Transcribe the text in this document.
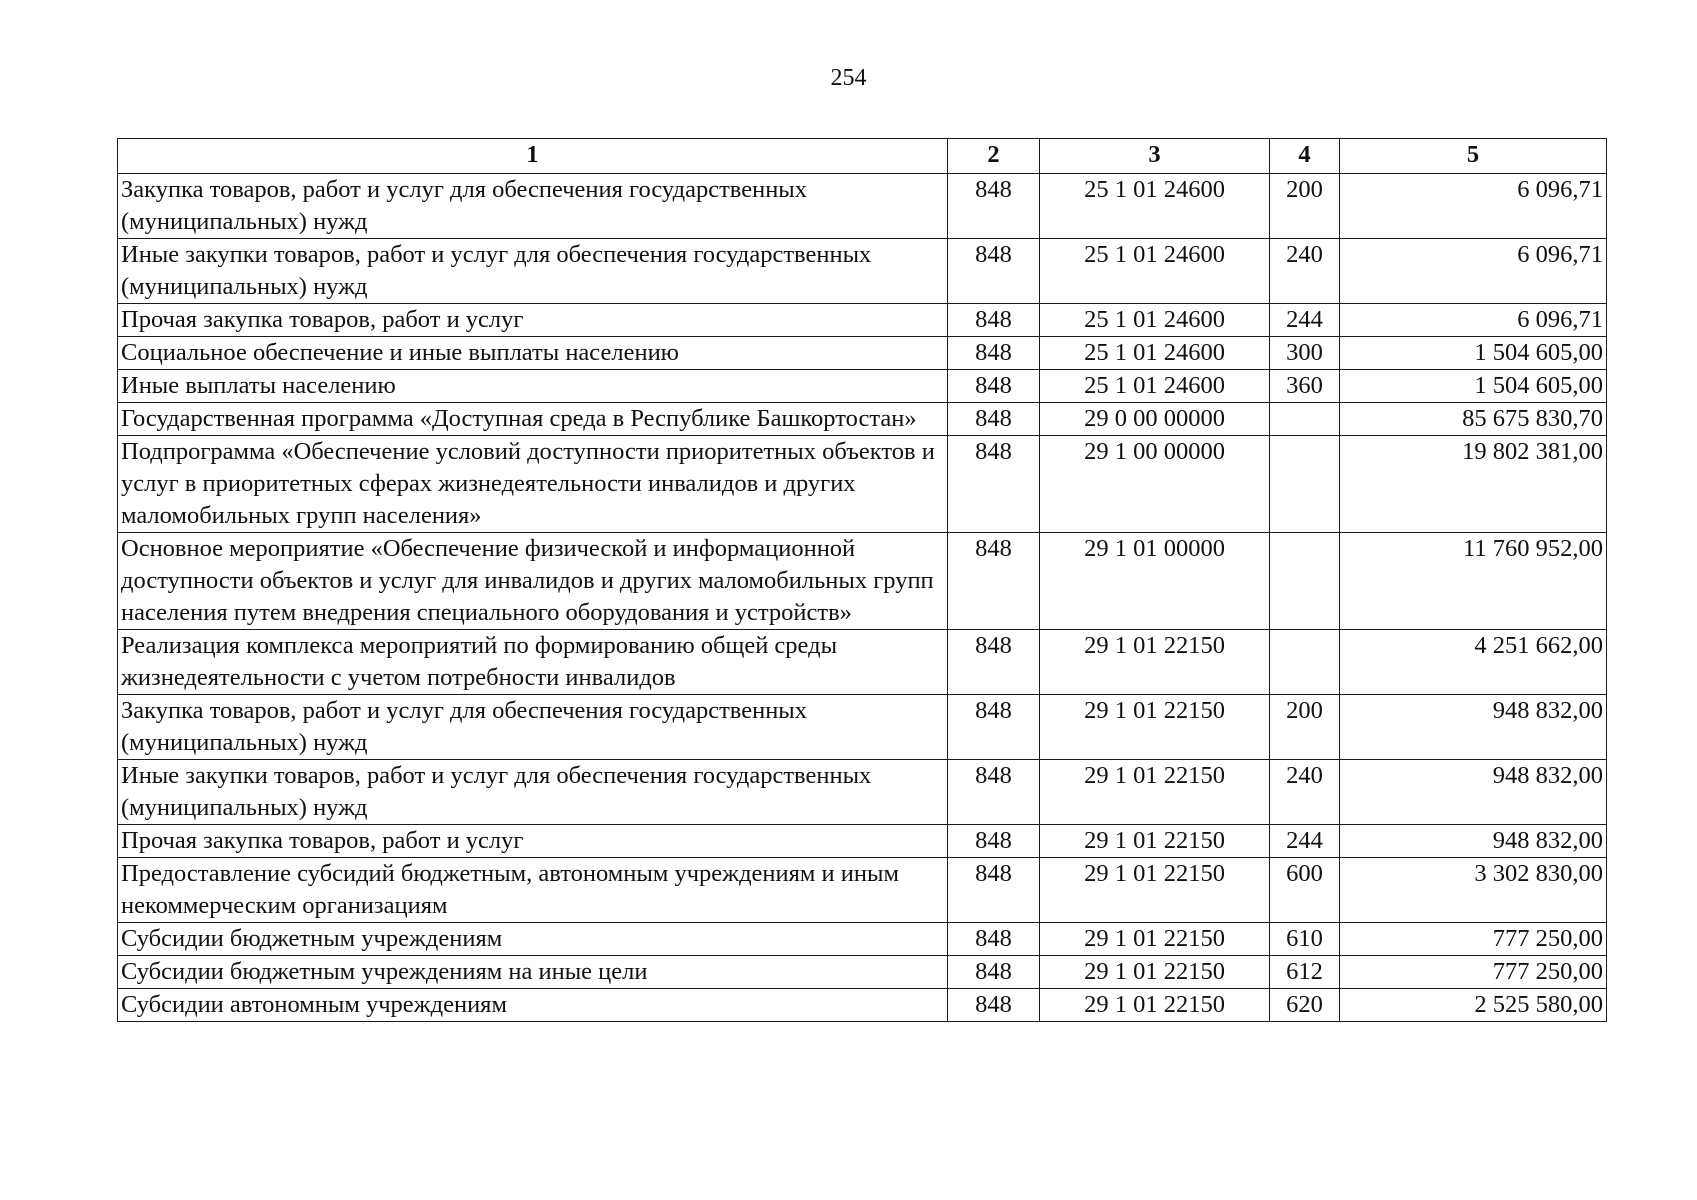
254
1	2	3	4	5
Закупка товаров, работ и услуг для обеспечения государственных (муниципальных) нужд	848	25 1 01 24600	200	6 096,71
Иные закупки товаров, работ и услуг для обеспечения государственных (муниципальных) нужд	848	25 1 01 24600	240	6 096,71
Прочая закупка товаров, работ и услуг	848	25 1 01 24600	244	6 096,71
Социальное обеспечение и иные выплаты населению	848	25 1 01 24600	300	1 504 605,00
Иные выплаты населению	848	25 1 01 24600	360	1 504 605,00
Государственная программа «Доступная среда в Республике Башкортостан»	848	29 0 00 00000		85 675 830,70
Подпрограмма «Обеспечение условий доступности приоритетных объектов и услуг в приоритетных сферах жизнедеятельности инвалидов и других маломобильных групп населения»	848	29 1 00 00000		19 802 381,00
Основное мероприятие «Обеспечение физической и информационной доступности объектов и услуг для инвалидов и других маломобильных групп населения путем внедрения специального оборудования и устройств»	848	29 1 01 00000		11 760 952,00
Реализация комплекса мероприятий по формированию общей среды жизнедеятельности с учетом потребности инвалидов	848	29 1 01 22150		4 251 662,00
Закупка товаров, работ и услуг для обеспечения государственных (муниципальных) нужд	848	29 1 01 22150	200	948 832,00
Иные закупки товаров, работ и услуг для обеспечения государственных (муниципальных) нужд	848	29 1 01 22150	240	948 832,00
Прочая закупка товаров, работ и услуг	848	29 1 01 22150	244	948 832,00
Предоставление субсидий бюджетным, автономным учреждениям и иным некоммерческим организациям	848	29 1 01 22150	600	3 302 830,00
Субсидии бюджетным учреждениям	848	29 1 01 22150	610	777 250,00
Субсидии бюджетным учреждениям на иные цели	848	29 1 01 22150	612	777 250,00
Субсидии автономным учреждениям	848	29 1 01 22150	620	2 525 580,00
